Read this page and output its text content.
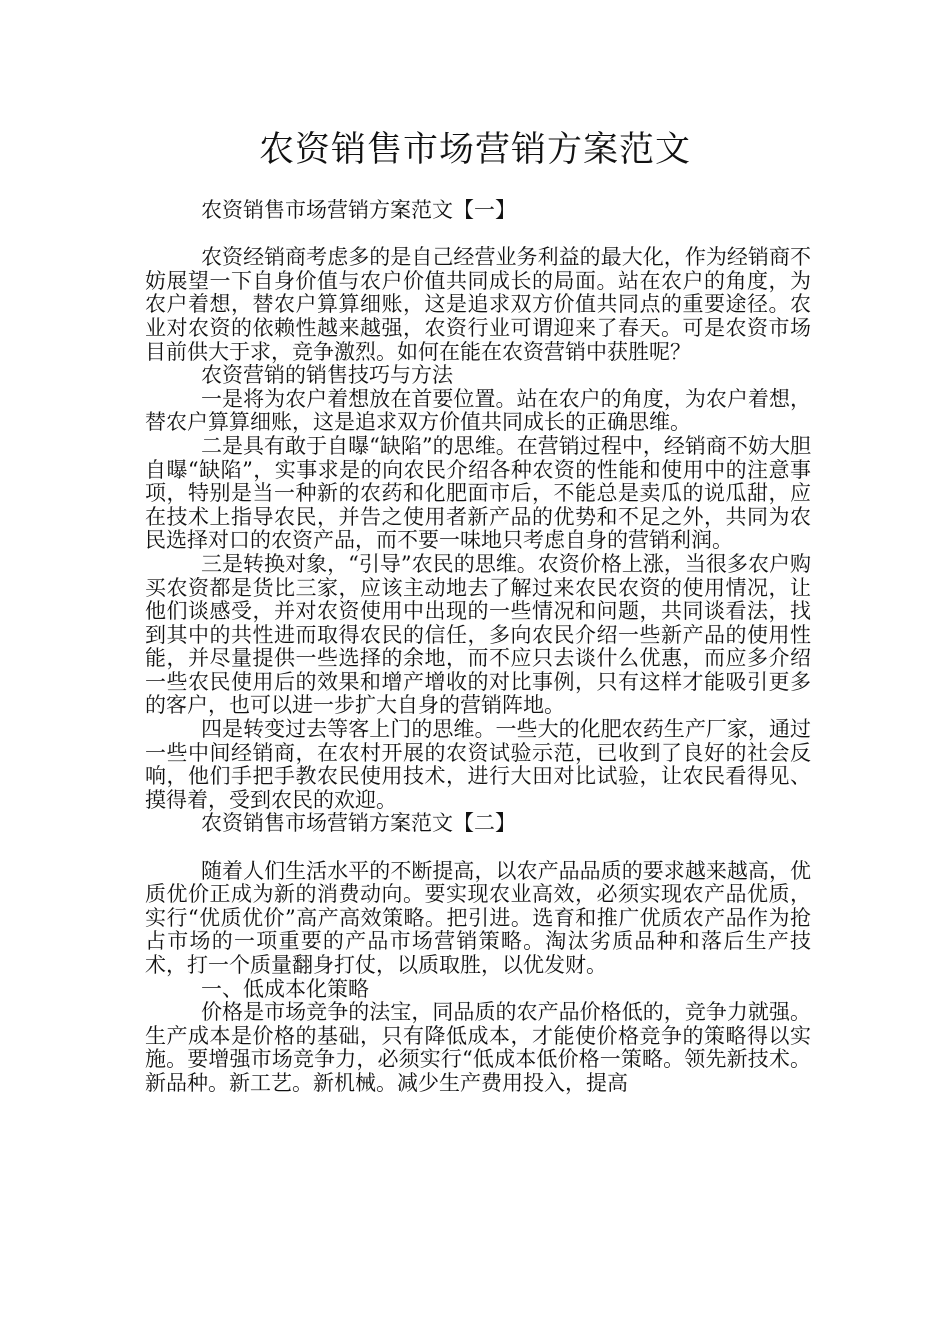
农资销售市场营销方案范文

农资销售市场营销方案范文【一】

农资经销商考虑多的是自己经营业务利益的最大化，作为经销商不妨展望一下自身价值与农户价值共同成长的局面。站在农户的角度，为农户着想，替农户算算细账，这是追求双方价值共同点的重要途径。农业对农资的依赖性越来越强，农资行业可谓迎来了春天。可是农资市场目前供大于求，竞争激烈。如何在能在农资营销中获胜呢？

农资营销的销售技巧与方法

一是将为农户着想放在首要位置。站在农户的角度，为农户着想，替农户算算细账，这是追求双方价值共同成长的正确思维。

二是具有敢于自曝“缺陷”的思维。在营销过程中，经销商不妨大胆自曝“缺陷”，实事求是的向农民介绍各种农资的性能和使用中的注意事项，特别是当一种新的农药和化肥面市后，不能总是卖瓜的说瓜甜，应在技术上指导农民，并告之使用者新产品的优势和不足之外，共同为农民选择对口的农资产品，而不要一味地只考虑自身的营销利润。

三是转换对象，“引导”农民的思维。农资价格上涨，当很多农户购买农资都是货比三家，应该主动地去了解过来农民农资的使用情况，让他们谈感受，并对农资使用中出现的一些情况和问题，共同谈看法，找到其中的共性进而取得农民的信任，多向农民介绍一些新产品的使用性能，并尽量提供一些选择的余地，而不应只去谈什么优惠，而应多介绍一些农民使用后的效果和增产增收的对比事例，只有这样才能吸引更多的客户，也可以进一步扩大自身的营销阵地。

四是转变过去等客上门的思维。一些大的化肥农药生产厂家，通过一些中间经销商，在农村开展的农资试验示范，已收到了良好的社会反响，他们手把手教农民使用技术，进行大田对比试验，让农民看得见、摸得着，受到农民的欢迎。

农资销售市场营销方案范文【二】

随着人们生活水平的不断提高，以农产品品质的要求越来越高，优质优价正成为新的消费动向。要实现农业高效，必须实现农产品优质，实行“优质优价”高产高效策略。把引进。选育和推广优质农产品作为抢占市场的一项重要的产品市场营销策略。淘汰劣质品种和落后生产技术，打一个质量翻身打仗，以质取胜，以优发财。

一、低成本化策略

价格是市场竞争的法宝，同品质的农产品价格低的，竞争力就强。生产成本是价格的基础，只有降低成本，才能使价格竞争的策略得以实施。要增强市场竞争力，必须实行“低成本低价格一策略。领先新技术。新品种。新工艺。新机械。减少生产费用投入，提高
